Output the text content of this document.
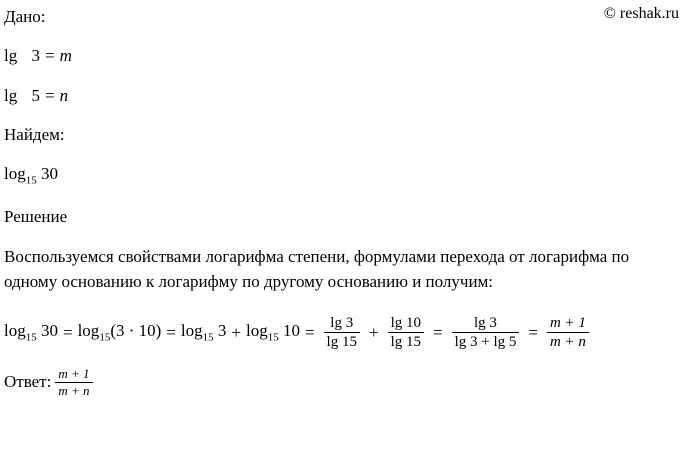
© reshak.ru
Дано:
lg 3 = m
lg 5 = n
Найдем:
$\log_{15} 30$
Решение
Воспользуемся свойствами логарифма степени, формулами перехода от логарифма по одному основанию к логарифму по другому основанию и получим:
$\log_{15} 30 = \log_{15}(3 \cdot 10) = \log_{15} 3 + \log_{15} 10 = \frac{\lg 3}{\lg 15} + \frac{\lg 10}{\lg 15} = \frac{\lg 3}{\lg 3 + \lg 5} = \frac{m + 1}{m + n}$
Ответ: $\frac{m + 1}{m + n}$
